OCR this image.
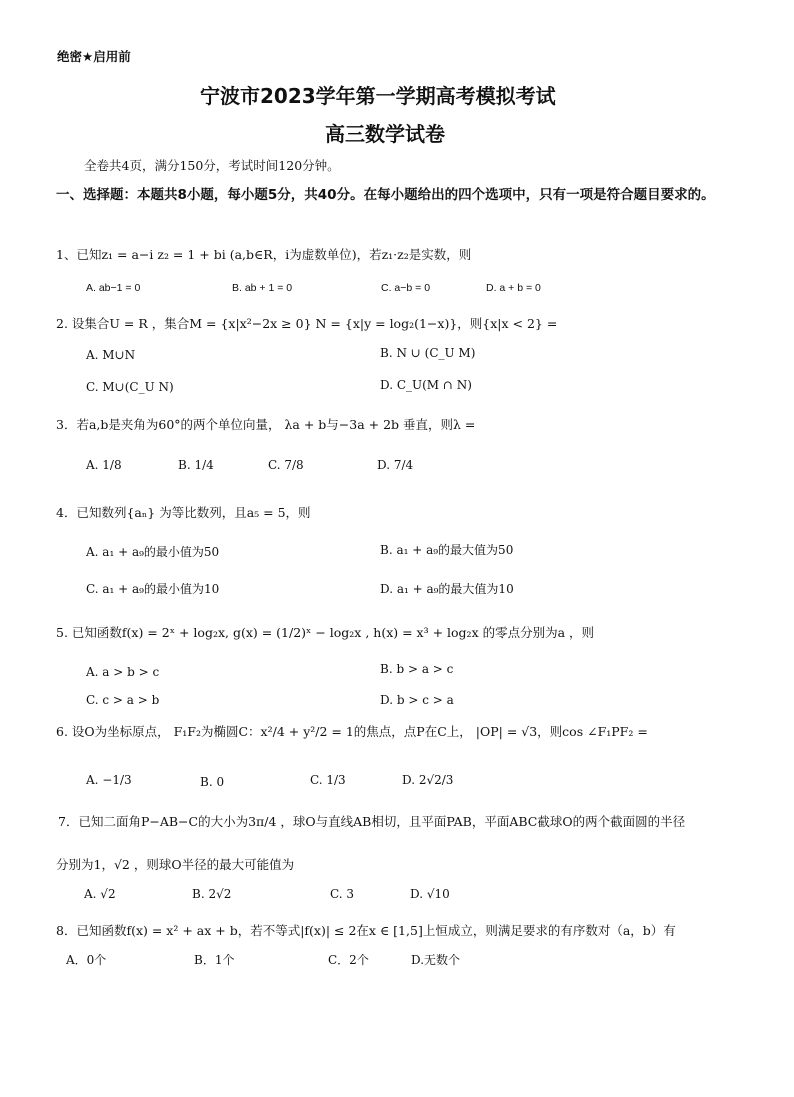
绝密★启用前
宁波市2023学年第一学期高考模拟考试
高三数学试卷
全卷共4页，满分150分，考试时间120分钟。
一、选择题：本题共8小题，每小题5分，共40分。在每小题给出的四个选项中，只有一项是符合题目要求的。
1、已知z₁ = a−i z₂ = 1 + bi (a,b∈R，i为虚数单位)，若z₁·z₂是实数，则
A. ab−1 = 0	B. ab + 1 = 0	C. a−b = 0	D. a + b = 0
2. 设集合U = R ，集合M = {x|x²−2x ≥ 0} N = {x|y = log₂(1−x)}，则{x|x < 2} =
A. M∪N	B. N ∪ (C_U M)
C. M∪(C_U N)	D. C_U(M ∩ N)
3．若a,b是夹角为60°的两个单位向量， λa + b与−3a + 2b 垂直，则λ =
A. 1/8	B. 1/4	C. 7/8	D. 7/4
4．已知数列{aₙ} 为等比数列，且a₅ = 5，则
A. a₁ + a₉的最小值为50	B. a₁ + a₉的最大值为50
C. a₁ + a₉的最小值为10	D. a₁ + a₉的最大值为10
5. 已知函数f(x) = 2ˣ + log₂x, g(x) = (1/2)ˣ − log₂x , h(x) = x³ + log₂x 的零点分别为a ，则
A. a > b > c	B. b > a > c
C. c > a > b	D. b > c > a
6. 设O为坐标原点， F₁F₂为椭圆C：x²/4 + y²/2 = 1的焦点，点P在C上， |OP| = √3，则cos ∠F₁PF₂ =
A. −1/3	B. 0	C. 1/3	D. 2√2/3
7．已知二面角P−AB−C的大小为3π/4 ，球O与直线AB相切，且平面PAB，平面ABC截球O的两个截面圆的半径
分别为1，√2 ，则球O半径的最大可能值为
A. √2	B. 2√2	C. 3	D. √10
8．已知函数f(x) = x² + ax + b，若不等式|f(x)| ≤ 2在x ∈ [1,5]上恒成立，则满足要求的有序数对（a，b）有
A．0个	B．1个	C．2个	D.无数个
